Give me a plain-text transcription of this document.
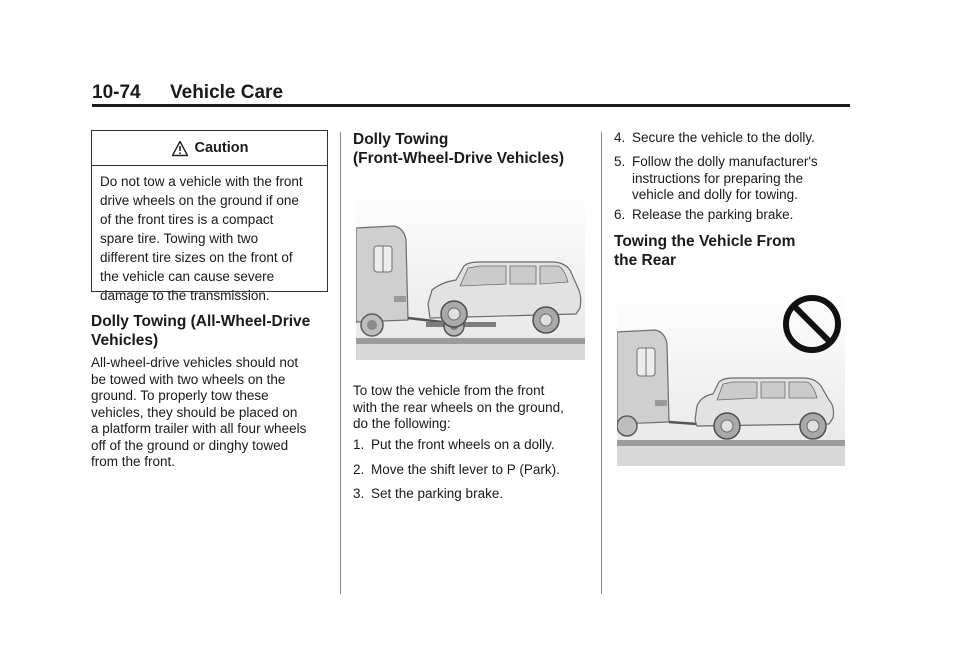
10-74 Vehicle Care
Caution
Do not tow a vehicle with the front
drive wheels on the ground if one
of the front tires is a compact
spare tire. Towing with two
different tire sizes on the front of
the vehicle can cause severe
damage to the transmission.
Dolly Towing (All-Wheel-Drive
Vehicles)
All-wheel-drive vehicles should not
be towed with two wheels on the
ground. To properly tow these
vehicles, they should be placed on
a platform trailer with all four wheels
off of the ground or dinghy towed
from the front.
Dolly Towing
(Front-Wheel-Drive Vehicles)
To tow the vehicle from the front
with the rear wheels on the ground,
do the following:
1. Put the front wheels on a dolly.
2. Move the shift lever to P (Park).
3. Set the parking brake.
4. Secure the vehicle to the dolly.
5. Follow the dolly manufacturer's
instructions for preparing the
vehicle and dolly for towing.
6. Release the parking brake.
Towing the Vehicle From
the Rear
